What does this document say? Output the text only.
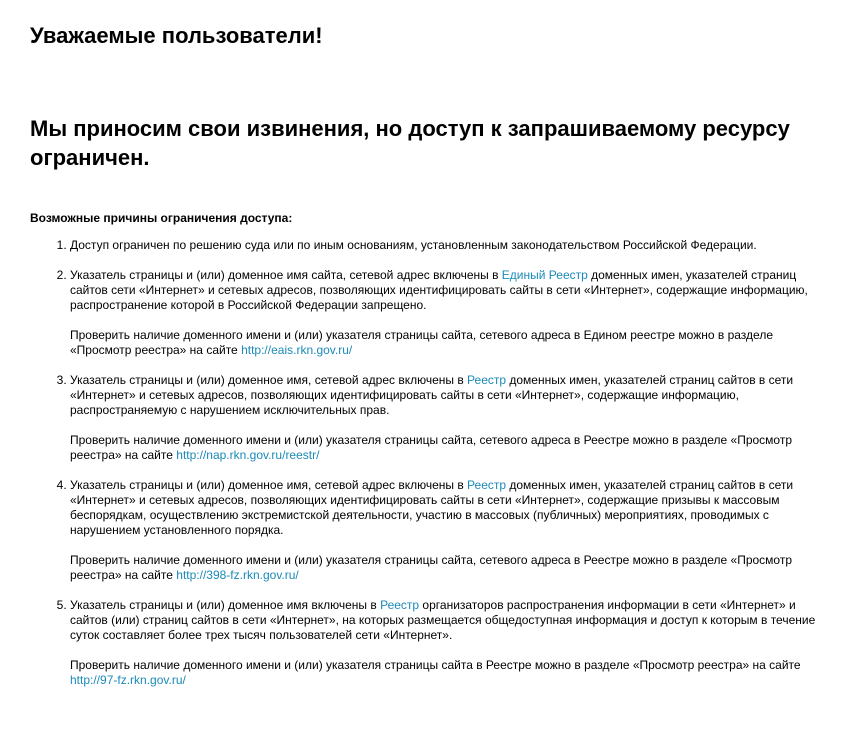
Уважаемые пользователи!
Мы приносим свои извинения, но доступ к запрашиваемому ресурсу ограничен.
Возможные причины ограничения доступа:

1. Доступ ограничен по решению суда или по иным основаниям, установленным законодательством Российской Федерации.

2. Указатель страницы и (или) доменное имя сайта, сетевой адрес включены в Единый Реестр доменных имен, указателей страниц сайтов сети «Интернет» и сетевых адресов, позволяющих идентифицировать сайты в сети «Интернет», содержащие информацию, распространение которой в Российской Федерации запрещено.

Проверить наличие доменного имени и (или) указателя страницы сайта, сетевого адреса в Едином реестре можно в разделе «Просмотр реестра» на сайте http://eais.rkn.gov.ru/

3. Указатель страницы и (или) доменное имя, сетевой адрес включены в Реестр доменных имен, указателей страниц сайтов в сети «Интернет» и сетевых адресов, позволяющих идентифицировать сайты в сети «Интернет», содержащие информацию, распространяемую с нарушением исключительных прав.

Проверить наличие доменного имени и (или) указателя страницы сайта, сетевого адреса в Реестре можно в разделе «Просмотр реестра» на сайте http://nap.rkn.gov.ru/reestr/

4. Указатель страницы и (или) доменное имя, сетевой адрес включены в Реестр доменных имен, указателей страниц сайтов в сети «Интернет» и сетевых адресов, позволяющих идентифицировать сайты в сети «Интернет», содержащие призывы к массовым беспорядкам, осуществлению экстремистской деятельности, участию в массовых (публичных) мероприятиях, проводимых с нарушением установленного порядка.

Проверить наличие доменного имени и (или) указателя страницы сайта, сетевого адреса в Реестре можно в разделе «Просмотр реестра» на сайте http://398-fz.rkn.gov.ru/

5. Указатель страницы и (или) доменное имя включены в Реестр организаторов распространения информации в сети «Интернет» и сайтов (или) страниц сайтов в сети «Интернет», на которых размещается общедоступная информация и доступ к которым в течение суток составляет более трех тысяч пользователей сети «Интернет».

Проверить наличие доменного имени и (или) указателя страницы сайта в Реестре можно в разделе «Просмотр реестра» на сайте http://97-fz.rkn.gov.ru/
